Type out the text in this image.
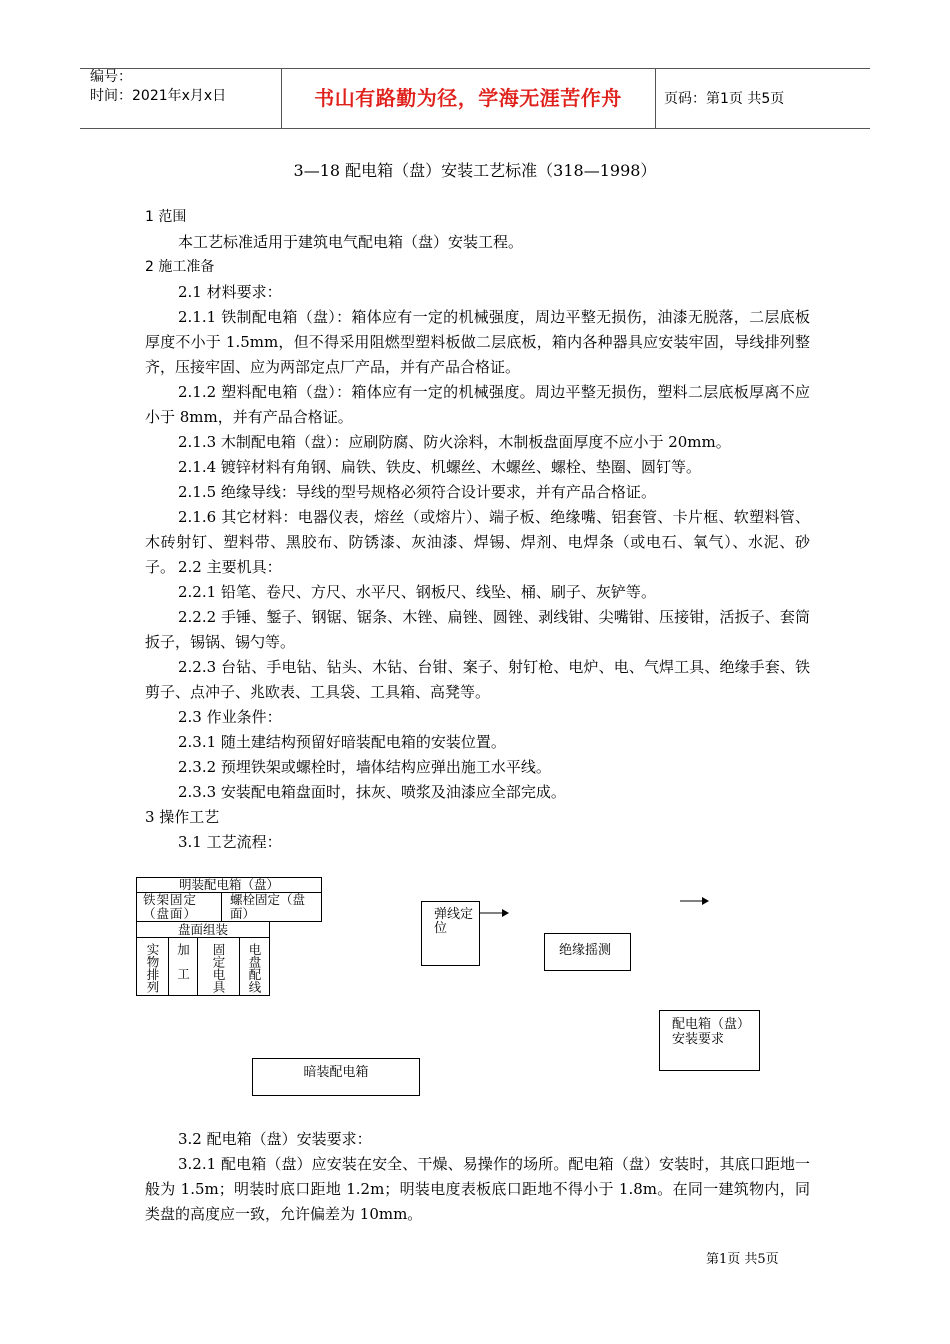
编号：
时间：2021年x月x日	书山有路勤为径，学海无涯苦作舟	页码：第1页 共5页
3—18 配电箱（盘）安装工艺标准（318—1998）
1 范围
本工艺标准适用于建筑电气配电箱（盘）安装工程。
2 施工准备
2.1 材料要求：
2.1.1 铁制配电箱（盘）：箱体应有一定的机械强度，周边平整无损伤，油漆无脱落，二层底板厚度不小于 1.5mm，但不得采用阻燃型塑料板做二层底板，箱内各种器具应安装牢固，导线排列整齐，压接牢固、应为两部定点厂产品，并有产品合格证。
2.1.2 塑料配电箱（盘）：箱体应有一定的机械强度。周边平整无损伤，塑料二层底板厚离不应小于 8mm，并有产品合格证。
2.1.3 木制配电箱（盘）：应刷防腐、防火涂料，木制板盘面厚度不应小于 20mm。
2.1.4 镀锌材料有角钢、扁铁、铁皮、机螺丝、木螺丝、螺栓、垫圈、圆钉等。
2.1.5 绝缘导线：导线的型号规格必须符合设计要求，并有产品合格证。
2.1.6 其它材料：电器仪表，熔丝（或熔片）、端子板、绝缘嘴、铝套管、卡片框、软塑料管、木砖射钉、塑料带、黑胶布、防锈漆、灰油漆、焊锡、焊剂、电焊条（或电石、氧气）、水泥、砂子。 2.2 主要机具：
2.2.1 铅笔、卷尺、方尺、水平尺、钢板尺、线坠、桶、刷子、灰铲等。
2.2.2 手锤、錾子、钢锯、锯条、木锉、扁锉、圆锉、剥线钳、尖嘴钳、压接钳，活扳子、套筒扳子，锡锅、锡勺等。
2.2.3 台钻、手电钻、钻头、木钻、台钳、案子、射钉枪、电炉、电、气焊工具、绝缘手套、铁剪子、点冲子、兆欧表、工具袋、工具箱、高凳等。
2.3 作业条件：
2.3.1 随土建结构预留好暗装配电箱的安装位置。
2.3.2 预埋铁架或螺栓时，墙体结构应弹出施工水平线。
2.3.3 安装配电箱盘面时，抹灰、喷浆及油漆应全部完成。
3 操作工艺
3.1 工艺流程：
明装配电箱（盘）
铁架固定（盘面）
螺栓固定（盘面）
盘面组装
实物排列 加工 固定电具 电盘配线
弹线定位
绝缘摇测
配电箱（盘）安装要求
暗装配电箱
3.2 配电箱（盘）安装要求：
3.2.1 配电箱（盘）应安装在安全、干燥、易操作的场所。配电箱（盘）安装时，其底口距地一般为 1.5m；明装时底口距地 1.2m；明装电度表板底口距地不得小于 1.8m。在同一建筑物内，同类盘的高度应一致，允许偏差为 10mm。
第1页 共5页
